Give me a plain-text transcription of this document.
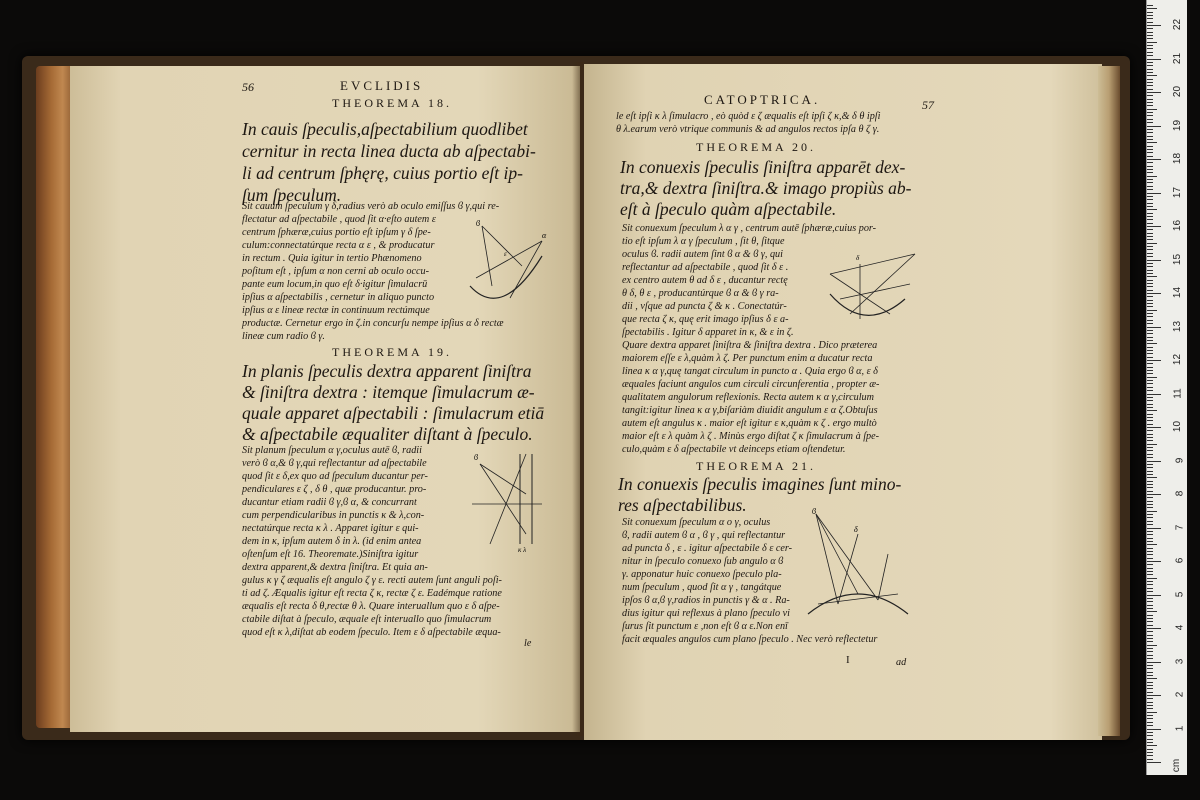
56	EVCLIDIS
THEOREMA 18.
In cauis ſpeculis,aſpectabilium quodlibet
cernitur in recta linea ducta ab aſpectabi-
li ad centrum ſphęrę, cuius portio eſt ip-
ſum ſpeculum.
Sit cauum ſpeculum γ δ,radius verò ab oculo emiſſus ϐ γ,qui re-
flectatur ad aſpectabile , quod ſit α·eſto autem ε
centrum ſphæræ,cuius portio eſt ipſum γ δ ſpe-
culum:connectatúrque recta α ε , & producatur
in rectum . Quia igitur in tertio Phænomeno
poſitum eſt , ipſum α non cerni ab oculo occu-
pante eum locum,in quo eſt δ·igitur ſimulacrū
ipſius α aſpectabilis , cernetur in aliquo puncto
ipſius α ε lineæ rectæ in continuum rectúmque
productæ. Cernetur ergo in ζ.in concurſu nempe ipſius α δ rectæ
lineæ cum radio ϐ γ.
ϐ
α
ε
THEOREMA 19.
In planis ſpeculis dextra apparent ſiniſtra
& ſiniſtra dextra : itemque ſimulacrum æ-
quale apparet aſpectabili : ſimulacrum etiā
& aſpectabile æqualiter diſtant à ſpeculo.
Sit planum ſpeculum α γ,oculus autē ϐ, radii
verò ϐ α,& ϐ γ,qui reflectantur ad aſpectabile
quod ſit ε δ,ex quo ad ſpeculum ducantur per-
pendiculares ε ζ , δ θ , quæ producantur. pro-
ducantur etiam radii ϐ γ,ϐ α, & concurrant
cum perpendicularibus in punctis κ & λ,con-
nectatúrque recta κ λ . Apparet igitur ε qui-
dem in κ, ipſum autem δ in λ. (id enim antea
oſtenſum eſt 16. Theoremate.)Siniſtra igitur
dextra apparent,& dextra ſiniſtra. Et quia an-
gulus κ γ ζ æqualis eſt angulo ζ γ ε. recti autem ſunt anguli poſi-
ti ad ζ. Æqualis igitur eſt recta ζ κ, rectæ ζ ε. Eadémque ratione
æqualis eſt recta δ θ,rectæ θ λ. Quare interuallum quo ε δ aſpe-
ctabile diſtat à ſpeculo, æquale eſt interuallo quo ſimulacrum
quod eſt κ λ,diſtat ab eodem ſpeculo. Item ε δ aſpectabile æqua-
ϐ
κ λ
le
CATOPTRICA.	57
le eſt ipſi κ λ ſimulacro , eò quòd ε ζ æqualis eſt ipſi ζ κ,& δ θ ipſi
θ λ.earum verò vtrique communis & ad angulos rectos ipſa θ ζ γ.
THEOREMA 20.
In conuexis ſpeculis ſiniſtra apparēt dex-
tra,& dextra ſiniſtra.& imago propiùs ab-
eſt à ſpeculo quàm aſpectabile.
Sit conuexum ſpeculum λ α γ , centrum autē ſphæræ,cuius por-
tio eſt ipſum λ α γ ſpeculum , ſit θ, ſitque
oculus ϐ. radii autem ſint ϐ α & ϐ γ, qui
reflectantur ad aſpectabile , quod ſit δ ε .
ex centro autem θ ad δ ε , ducantur rectę
θ δ, θ ε , producantúrque ϐ α & ϐ γ ra-
dii , vſque ad puncta ζ & κ . Conectatúr-
que recta ζ κ, quę erit imago ipſius δ ε a-
ſpectabilis . Igitur δ apparet in κ, & ε in ζ.
Quare dextra apparet ſiniſtra & ſiniſtra dextra . Dico præterea
maiorem eſſe ε λ,quàm λ ζ. Per punctum enim α ducatur recta
linea κ α γ,quę tangat circulum in puncto α . Quia ergo ϐ α, ε δ
æquales faciunt angulos cum circuli circunferentia , propter æ-
qualitatem angulorum reflexionis. Recta autem κ α γ,circulum
tangit:igitur linea κ α γ,biſariàm diuidit angulum ε α ζ.Obtuſus
autem eſt angulus κ . maior eſt igitur ε κ,quàm κ ζ . ergo multò
maior eſt ε λ quàm λ ζ . Minùs ergo diſtat ζ κ ſimulacrum à ſpe-
culo,quàm ε δ aſpectabile vt deinceps etiam oſtendetur.
δ
THEOREMA 21.
In conuexis ſpeculis imagines ſunt mino-
res aſpectabilibus.
Sit conuexum ſpeculum α ο γ, oculus
ϐ, radii autem ϐ α , ϐ γ , qui reflectantur
ad puncta δ , ε . igitur aſpectabile δ ε cer-
nitur in ſpeculo conuexo ſub angulo α ϐ
γ. apponatur huic conuexo ſpeculo pla-
num ſpeculum , quod ſit α γ , tangátque
ipſos ϐ α,ϐ γ,radios in punctis γ & α . Ra-
dius igitur qui reflexus à plano ſpeculo vi
ſurus ſit punctum ε ,non eſt ϐ α ε.Non enī
facit æquales angulos cum plano ſpeculo . Nec verò reflectetur
ϐ
δ
I	ad
1
2
3
4
5
6
7
8
9
10
11
12
13
14
15
16
17
18
19
20
21
22
cm
